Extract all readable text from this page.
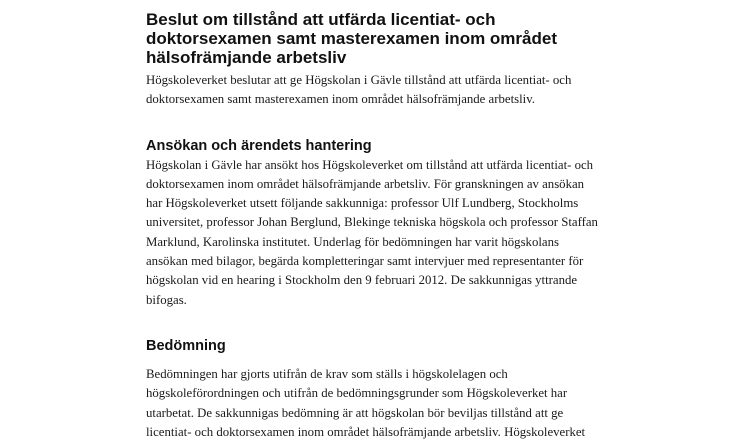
Beslut om tillstånd att utfärda licentiat- och doktorsexamen samt masterexamen inom området hälsofrämjande arbetsliv

Högskoleverket beslutar att ge Högskolan i Gävle tillstånd att utfärda licentiat- och doktorsexamen samt masterexamen inom området hälsofrämjande arbetsliv.

Ansökan och ärendets hantering

Högskolan i Gävle har ansökt hos Högskoleverket om tillstånd att utfärda licentiat- och doktorsexamen inom området hälsofrämjande arbetsliv. För granskningen av ansökan har Högskoleverket utsett följande sakkunniga: professor Ulf Lundberg, Stockholms universitet, professor Johan Berglund, Blekinge tekniska högskola och professor Staffan Marklund, Karolinska institutet. Underlag för bedömningen har varit högskolans ansökan med bilagor, begärda kompletteringar samt intervjuer med representanter för högskolan vid en hearing i Stockholm den 9 februari 2012. De sakkunnigas yttrande bifogas.

Bedömning

Bedömningen har gjorts utifrån de krav som ställs i högskolelagen och högskoleförordningen och utifrån de bedömningsgrunder som Högskoleverket har utarbetat. De sakkunnigas bedömning är att högskolan bör beviljas tillstånd att ge licentiat- och doktorsexamen inom området hälsofrämjande arbetsliv. Högskoleverket
